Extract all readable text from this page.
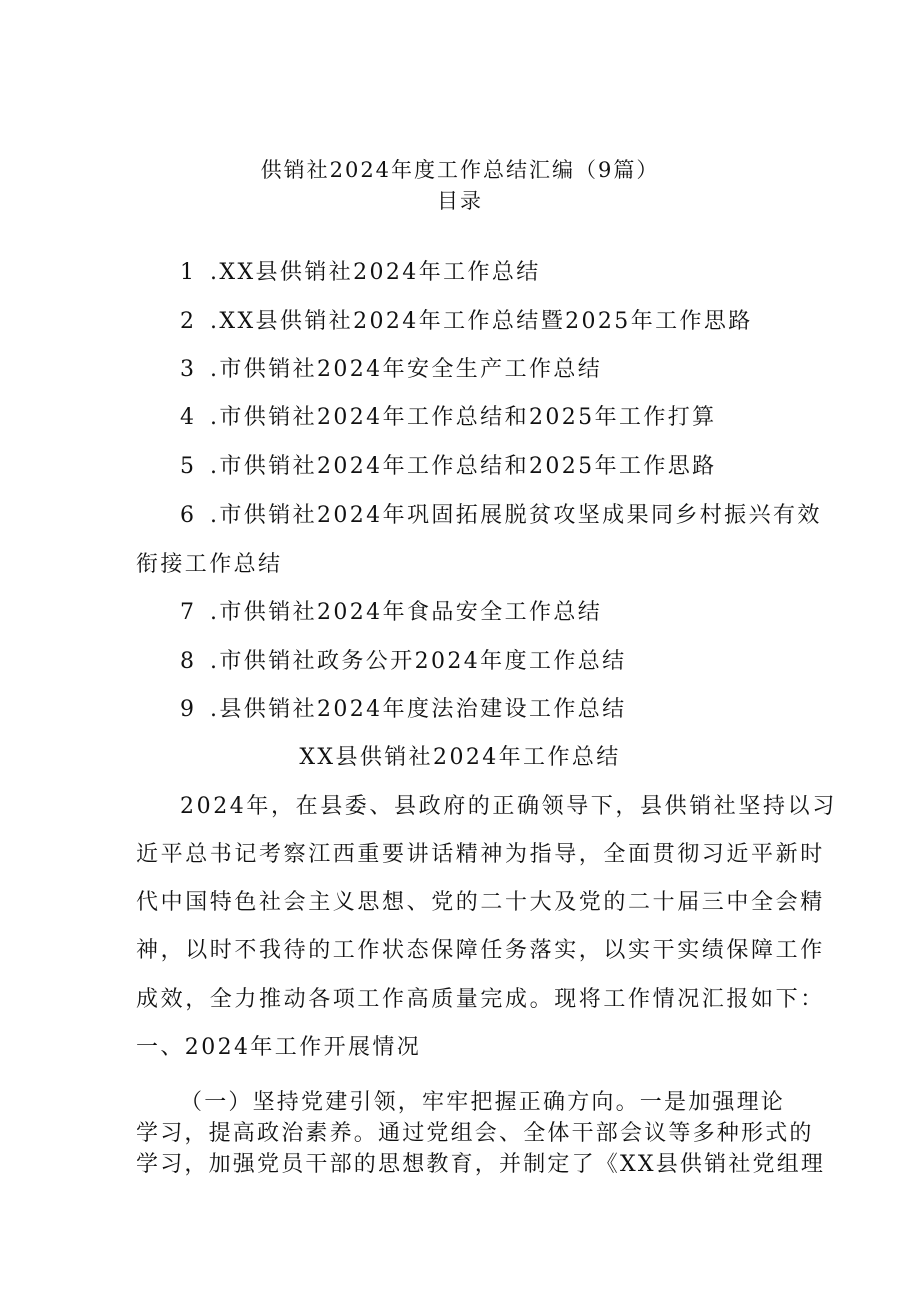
供销社2024年度工作总结汇编（9篇）
目录
1 .XX县供销社2024年工作总结
2 .XX县供销社2024年工作总结暨2025年工作思路
3 .市供销社2024年安全生产工作总结
4 .市供销社2024年工作总结和2025年工作打算
5 .市供销社2024年工作总结和2025年工作思路
6 .市供销社2024年巩固拓展脱贫攻坚成果同乡村振兴有效
衔接工作总结
7 .市供销社2024年食品安全工作总结
8 .市供销社政务公开2024年度工作总结
9 .县供销社2024年度法治建设工作总结
XX县供销社2024年工作总结
2024年，在县委、县政府的正确领导下，县供销社坚持以习
近平总书记考察江西重要讲话精神为指导，全面贯彻习近平新时
代中国特色社会主义思想、党的二十大及党的二十届三中全会精
神，以时不我待的工作状态保障任务落实，以实干实绩保障工作
成效，全力推动各项工作高质量完成。现将工作情况汇报如下：
一、2024年工作开展情况
（一）坚持党建引领，牢牢把握正确方向。一是加强理论
学习，提高政治素养。通过党组会、全体干部会议等多种形式的
学习，加强党员干部的思想教育，并制定了《XX县供销社党组理
